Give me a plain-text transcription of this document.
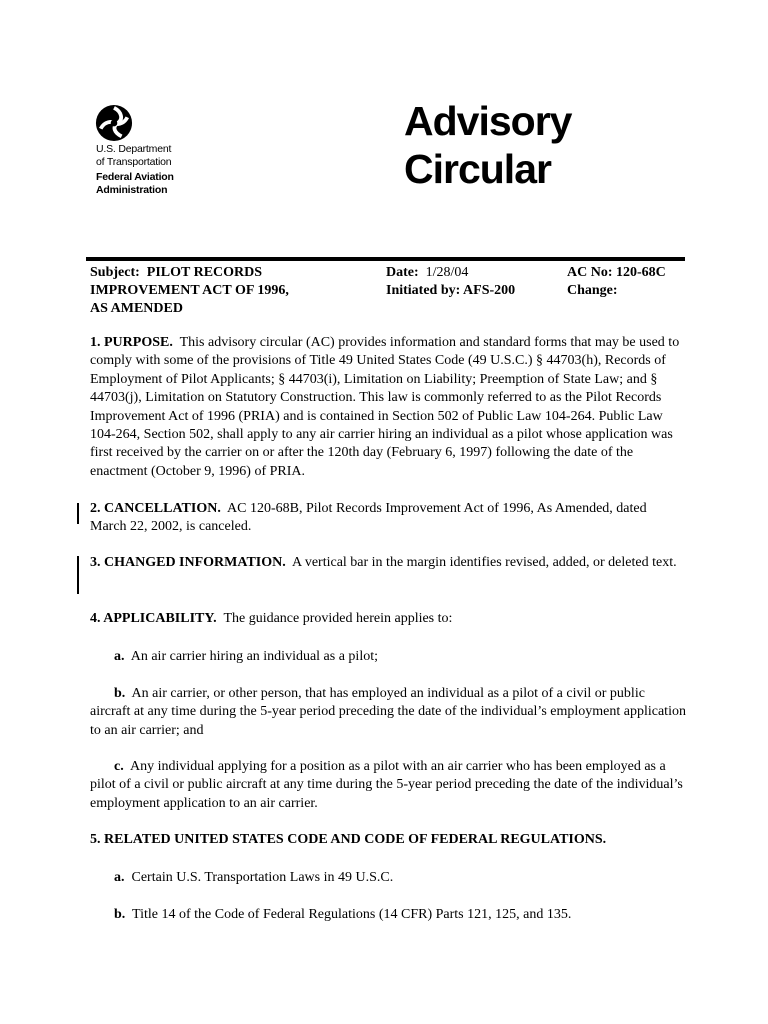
U.S. Department
of Transportation
Federal Aviation
Administration
Advisory
Circular
Subject: PILOT RECORDS
IMPROVEMENT ACT OF 1996,
AS AMENDED
Date: 1/28/04
Initiated by: AFS-200
AC No: 120-68C
Change:

1. PURPOSE. This advisory circular (AC) provides information and standard forms that may be used to comply with some of the provisions of Title 49 United States Code (49 U.S.C.) § 44703(h), Records of Employment of Pilot Applicants; § 44703(i), Limitation on Liability; Preemption of State Law; and § 44703(j), Limitation on Statutory Construction. This law is commonly referred to as the Pilot Records Improvement Act of 1996 (PRIA) and is contained in Section 502 of Public Law 104-264. Public Law 104-264, Section 502, shall apply to any air carrier hiring an individual as a pilot whose application was first received by the carrier on or after the 120th day (February 6, 1997) following the date of the enactment (October 9, 1996) of PRIA.

2. CANCELLATION. AC 120-68B, Pilot Records Improvement Act of 1996, As Amended, dated March 22, 2002, is canceled.

3. CHANGED INFORMATION. A vertical bar in the margin identifies revised, added, or deleted text.

4. APPLICABILITY. The guidance provided herein applies to:

a. An air carrier hiring an individual as a pilot;

b. An air carrier, or other person, that has employed an individual as a pilot of a civil or public aircraft at any time during the 5-year period preceding the date of the individual’s employment application to an air carrier; and

c. Any individual applying for a position as a pilot with an air carrier who has been employed as a pilot of a civil or public aircraft at any time during the 5-year period preceding the date of the individual’s employment application to an air carrier.

5. RELATED UNITED STATES CODE AND CODE OF FEDERAL REGULATIONS.

a. Certain U.S. Transportation Laws in 49 U.S.C.

b. Title 14 of the Code of Federal Regulations (14 CFR) Parts 121, 125, and 135.
